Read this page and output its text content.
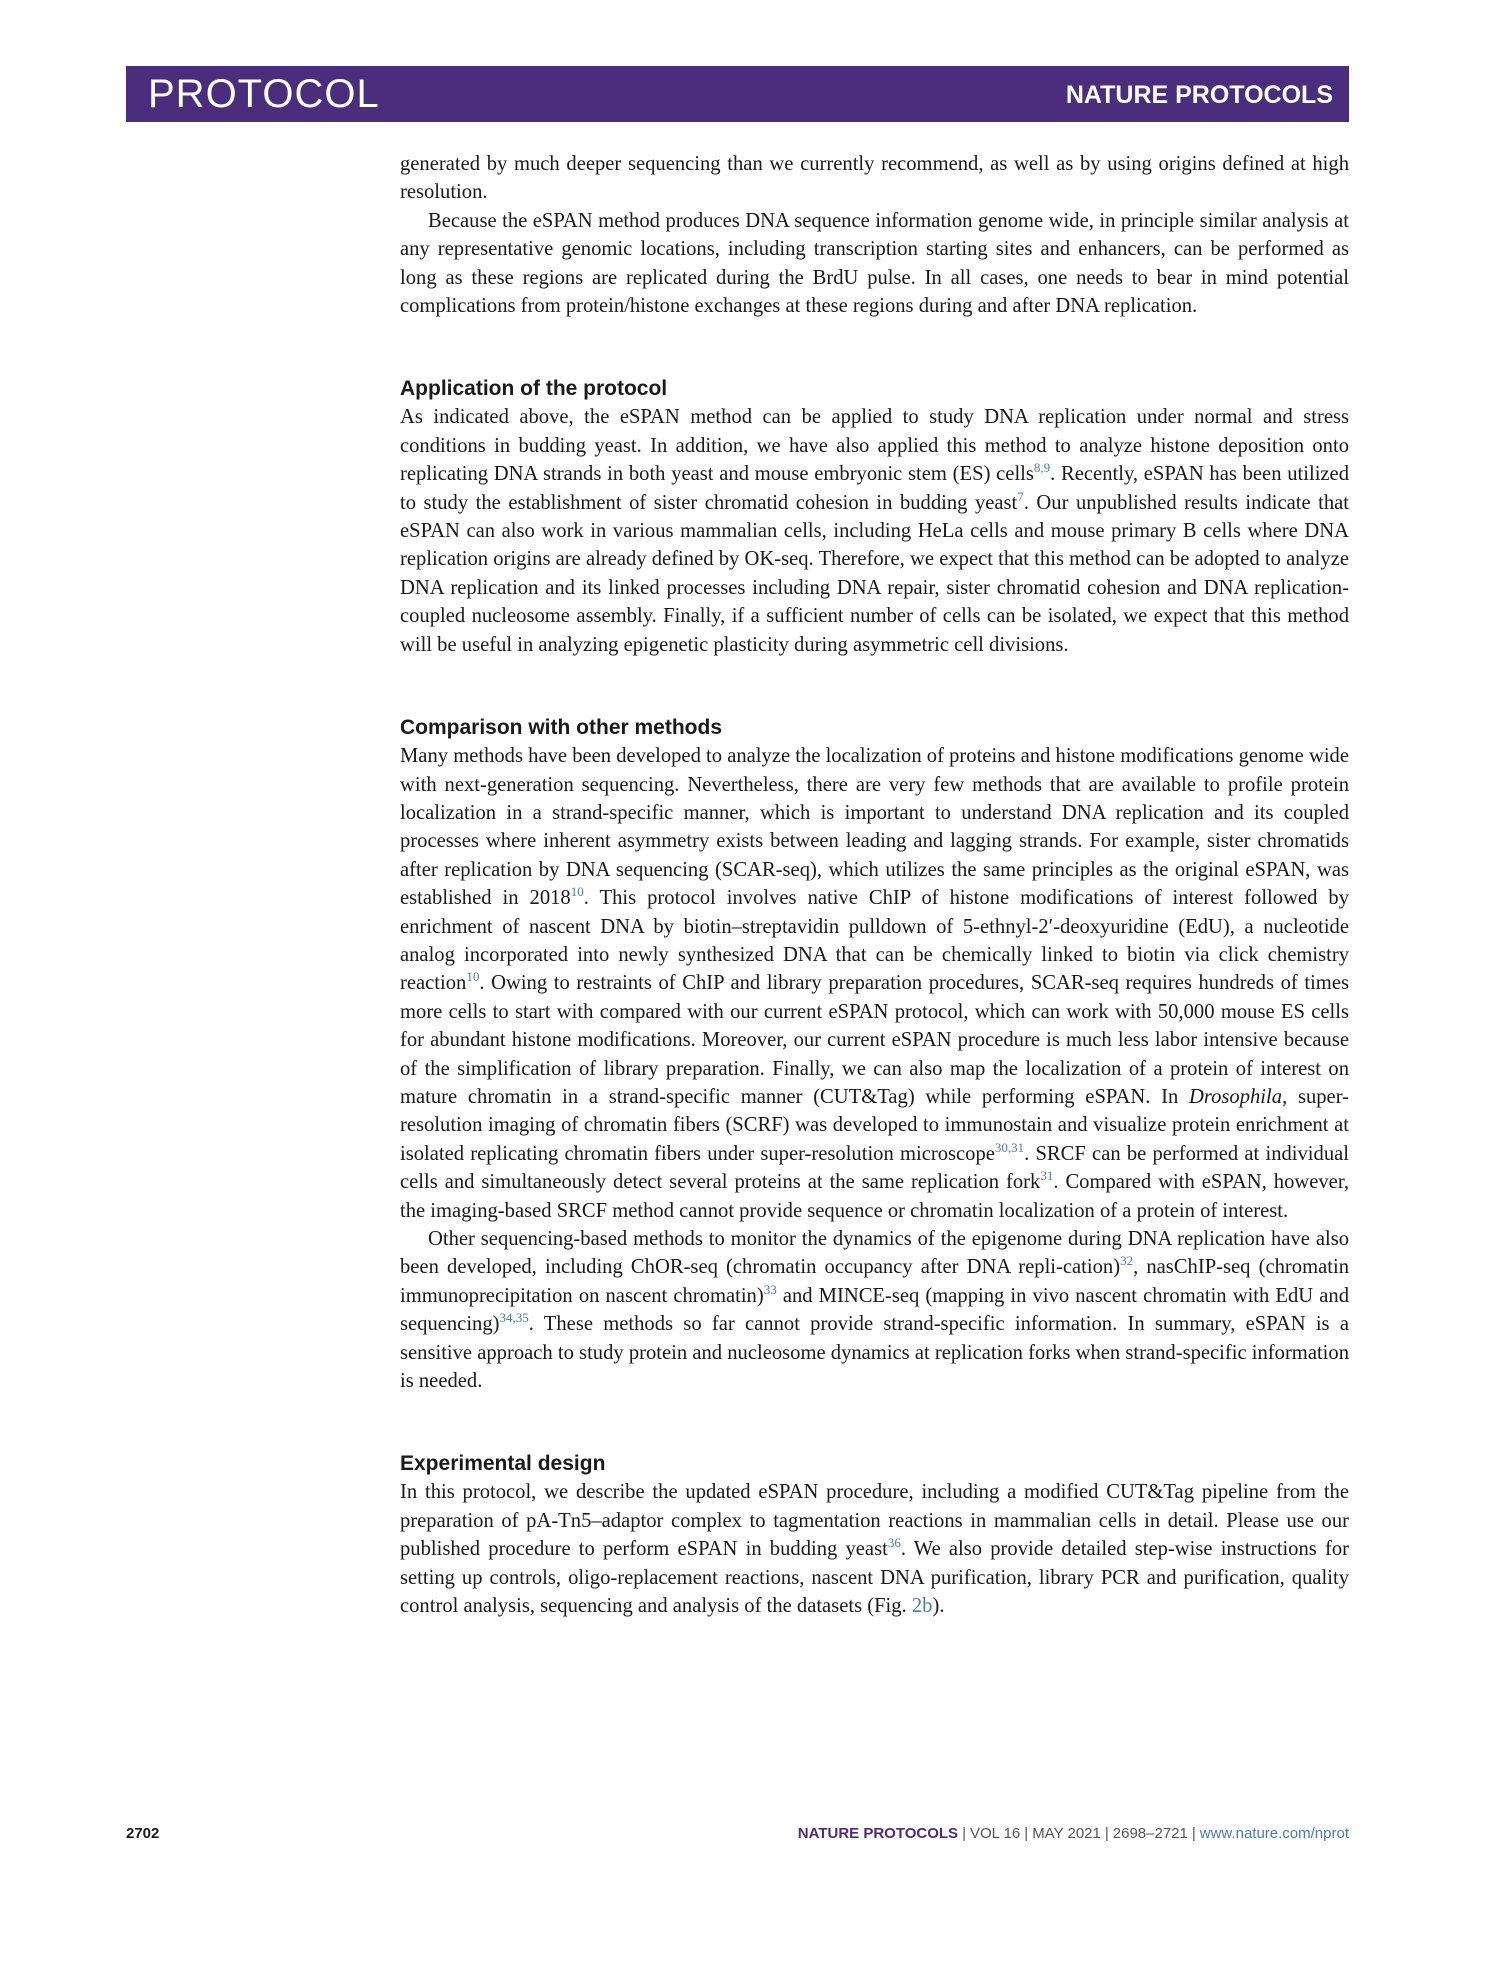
PROTOCOL	NATURE PROTOCOLS

generated by much deeper sequencing than we currently recommend, as well as by using origins defined at high resolution.

Because the eSPAN method produces DNA sequence information genome wide, in principle similar analysis at any representative genomic locations, including transcription starting sites and enhancers, can be performed as long as these regions are replicated during the BrdU pulse. In all cases, one needs to bear in mind potential complications from protein/histone exchanges at these regions during and after DNA replication.

Application of the protocol

As indicated above, the eSPAN method can be applied to study DNA replication under normal and stress conditions in budding yeast. In addition, we have also applied this method to analyze histone deposition onto replicating DNA strands in both yeast and mouse embryonic stem (ES) cells$^{8,9}$. Recently, eSPAN has been utilized to study the establishment of sister chromatid cohesion in budding yeast$^7$. Our unpublished results indicate that eSPAN can also work in various mammalian cells, including HeLa cells and mouse primary B cells where DNA replication origins are already defined by OK-seq. Therefore, we expect that this method can be adopted to analyze DNA replication and its linked processes including DNA repair, sister chromatid cohesion and DNA replication-coupled nucleosome assembly. Finally, if a sufficient number of cells can be isolated, we expect that this method will be useful in analyzing epigenetic plasticity during asymmetric cell divisions.

Comparison with other methods

Many methods have been developed to analyze the localization of proteins and histone modifications genome wide with next-generation sequencing. Nevertheless, there are very few methods that are available to profile protein localization in a strand-specific manner, which is important to understand DNA replication and its coupled processes where inherent asymmetry exists between leading and lagging strands. For example, sister chromatids after replication by DNA sequencing (SCAR-seq), which utilizes the same principles as the original eSPAN, was established in 2018$^{10}$. This protocol involves native ChIP of histone modifications of interest followed by enrichment of nascent DNA by biotin–streptavidin pulldown of 5-ethnyl-2′-deoxyuridine (EdU), a nucleotide analog incorporated into newly synthesized DNA that can be chemically linked to biotin via click chemistry reaction$^{10}$. Owing to restraints of ChIP and library preparation procedures, SCAR-seq requires hundreds of times more cells to start with compared with our current eSPAN protocol, which can work with 50,000 mouse ES cells for abundant histone modifications. Moreover, our current eSPAN procedure is much less labor intensive because of the simplification of library preparation. Finally, we can also map the localization of a protein of interest on mature chromatin in a strand-specific manner (CUT&Tag) while performing eSPAN. In Drosophila, super-resolution imaging of chromatin fibers (SCRF) was developed to immunostain and visualize protein enrichment at isolated replicating chromatin fibers under super-resolution microscope$^{30,31}$. SRCF can be performed at individual cells and simultaneously detect several proteins at the same replication fork$^{31}$. Compared with eSPAN, however, the imaging-based SRCF method cannot provide sequence or chromatin localization of a protein of interest.

Other sequencing-based methods to monitor the dynamics of the epigenome during DNA replication have also been developed, including ChOR-seq (chromatin occupancy after DNA repli-cation)$^{32}$, nasChIP-seq (chromatin immunoprecipitation on nascent chromatin)$^{33}$ and MINCE-seq (mapping in vivo nascent chromatin with EdU and sequencing)$^{34,35}$. These methods so far cannot provide strand-specific information. In summary, eSPAN is a sensitive approach to study protein and nucleosome dynamics at replication forks when strand-specific information is needed.

Experimental design

In this protocol, we describe the updated eSPAN procedure, including a modified CUT&Tag pipeline from the preparation of pA-Tn5–adaptor complex to tagmentation reactions in mammalian cells in detail. Please use our published procedure to perform eSPAN in budding yeast$^{36}$. We also provide detailed step-wise instructions for setting up controls, oligo-replacement reactions, nascent DNA purification, library PCR and purification, quality control analysis, sequencing and analysis of the datasets (Fig. 2b).

2702	NATURE PROTOCOLS | VOL 16 | MAY 2021 | 2698–2721 | www.nature.com/nprot
